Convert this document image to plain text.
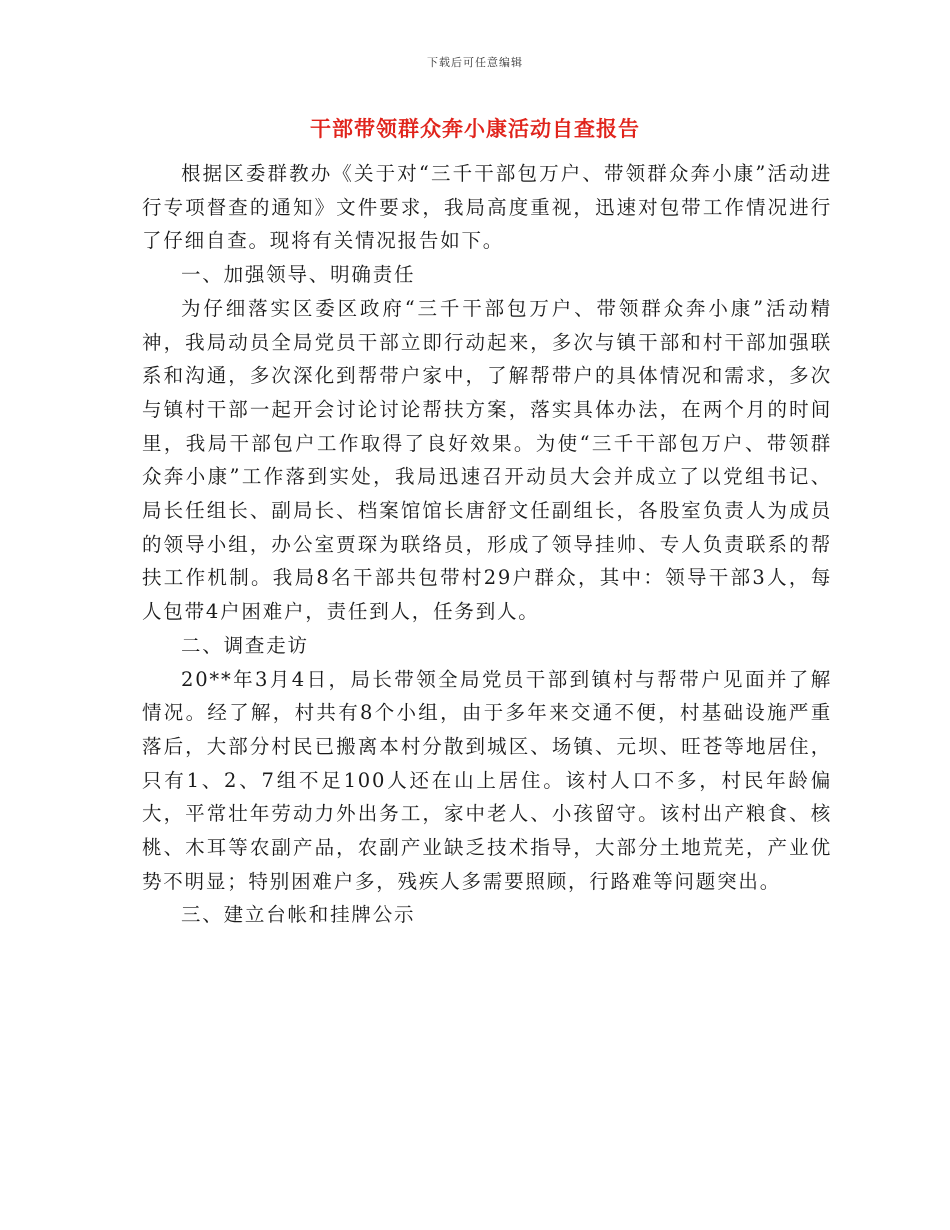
下载后可任意编辑
干部带领群众奔小康活动自查报告

根据区委群教办《关于对“三千干部包万户、带领群众奔小康”活动进行专项督查的通知》文件要求，我局高度重视，迅速对包带工作情况进行了仔细自查。现将有关情况报告如下。

一、加强领导、明确责任

为仔细落实区委区政府“三千干部包万户、带领群众奔小康”活动精神，我局动员全局党员干部立即行动起来，多次与镇干部和村干部加强联系和沟通，多次深化到帮带户家中，了解帮带户的具体情况和需求，多次与镇村干部一起开会讨论讨论帮扶方案，落实具体办法，在两个月的时间里，我局干部包户工作取得了良好效果。为使“三千干部包万户、带领群众奔小康”工作落到实处，我局迅速召开动员大会并成立了以党组书记、局长任组长、副局长、档案馆馆长唐舒文任副组长，各股室负责人为成员的领导小组，办公室贾琛为联络员，形成了领导挂帅、专人负责联系的帮扶工作机制。我局8名干部共包带村29户群众，其中：领导干部3人，每人包带4户困难户，责任到人，任务到人。

二、调查走访

20**年3月4日，局长带领全局党员干部到镇村与帮带户见面并了解情况。经了解，村共有8个小组，由于多年来交通不便，村基础设施严重落后，大部分村民已搬离本村分散到城区、场镇、元坝、旺苍等地居住，只有1、2、7组不足100人还在山上居住。该村人口不多，村民年龄偏大，平常壮年劳动力外出务工，家中老人、小孩留守。该村出产粮食、核桃、木耳等农副产品，农副产业缺乏技术指导，大部分土地荒芜，产业优势不明显；特别困难户多，残疾人多需要照顾，行路难等问题突出。

三、建立台帐和挂牌公示
